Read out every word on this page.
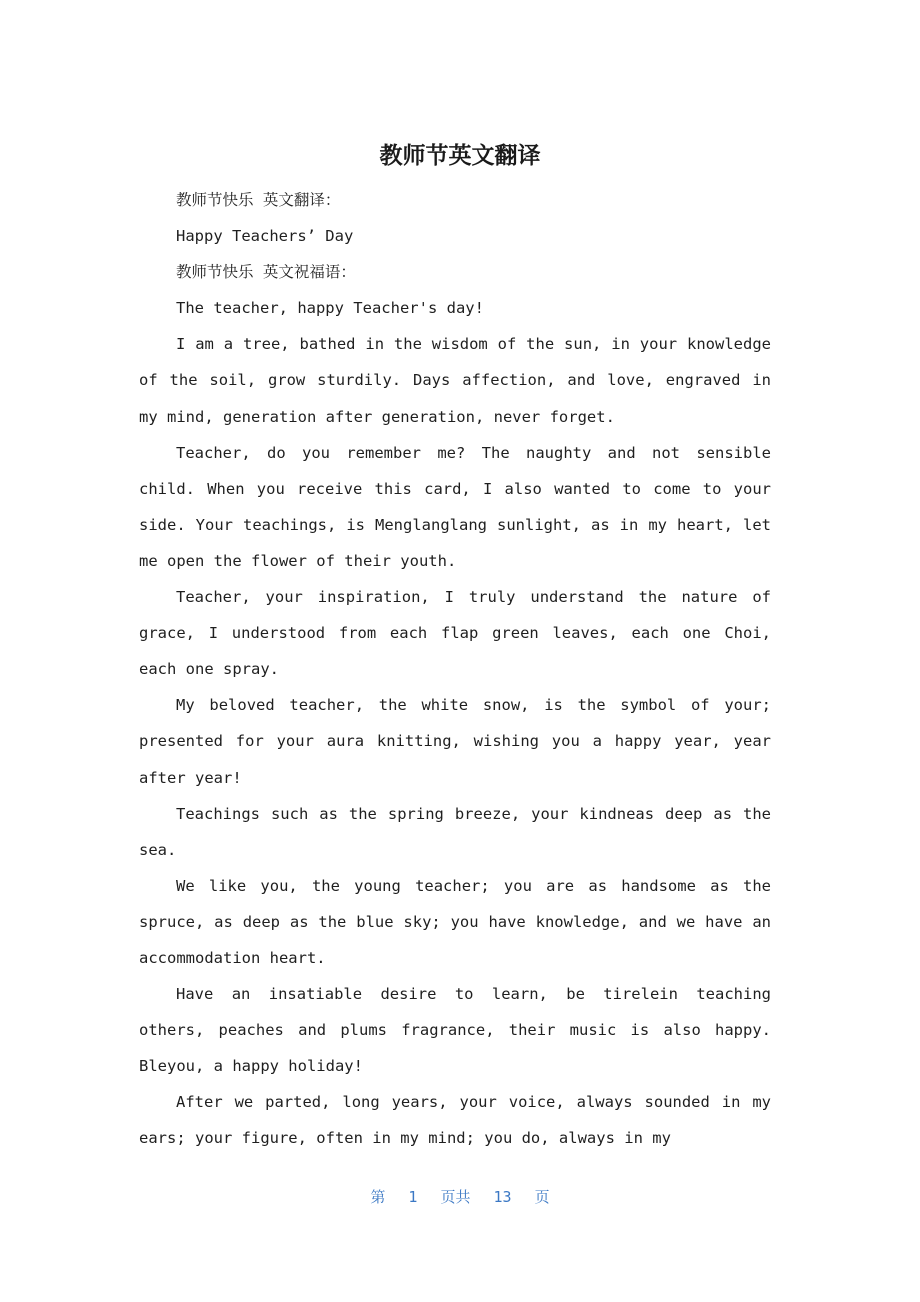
教师节英文翻译

教师节快乐 英文翻译：

Happy Teachers’ Day

教师节快乐 英文祝福语：

The teacher, happy Teacher's day!

I am a tree, bathed in the wisdom of the sun, in your knowledge of the soil, grow sturdily. Days affection, and love, engraved in my mind, generation after generation, never forget.

Teacher, do you remember me? The naughty and not sensible child. When you receive this card, I also wanted to come to your side. Your teachings, is Menglanglang sunlight, as in my heart, let me open the flower of their youth.

Teacher, your inspiration, I truly understand the nature of grace, I understood from each flap green leaves, each one Choi, each one spray.

My beloved teacher, the white snow, is the symbol of your; presented for your aura knitting, wishing you a happy year, year after year!

Teachings such as the spring breeze, your kindneas deep as the sea.

We like you, the young teacher; you are as handsome as the spruce, as deep as the blue sky; you have knowledge, and we have an accommodation heart.

Have an insatiable desire to learn, be tirelein teaching others, peaches and plums fragrance, their music is also happy. Bleyou, a happy holiday!

After we parted, long years, your voice, always sounded in my ears; your figure, often in my mind; you do, always in my

第 1 页共 13 页
